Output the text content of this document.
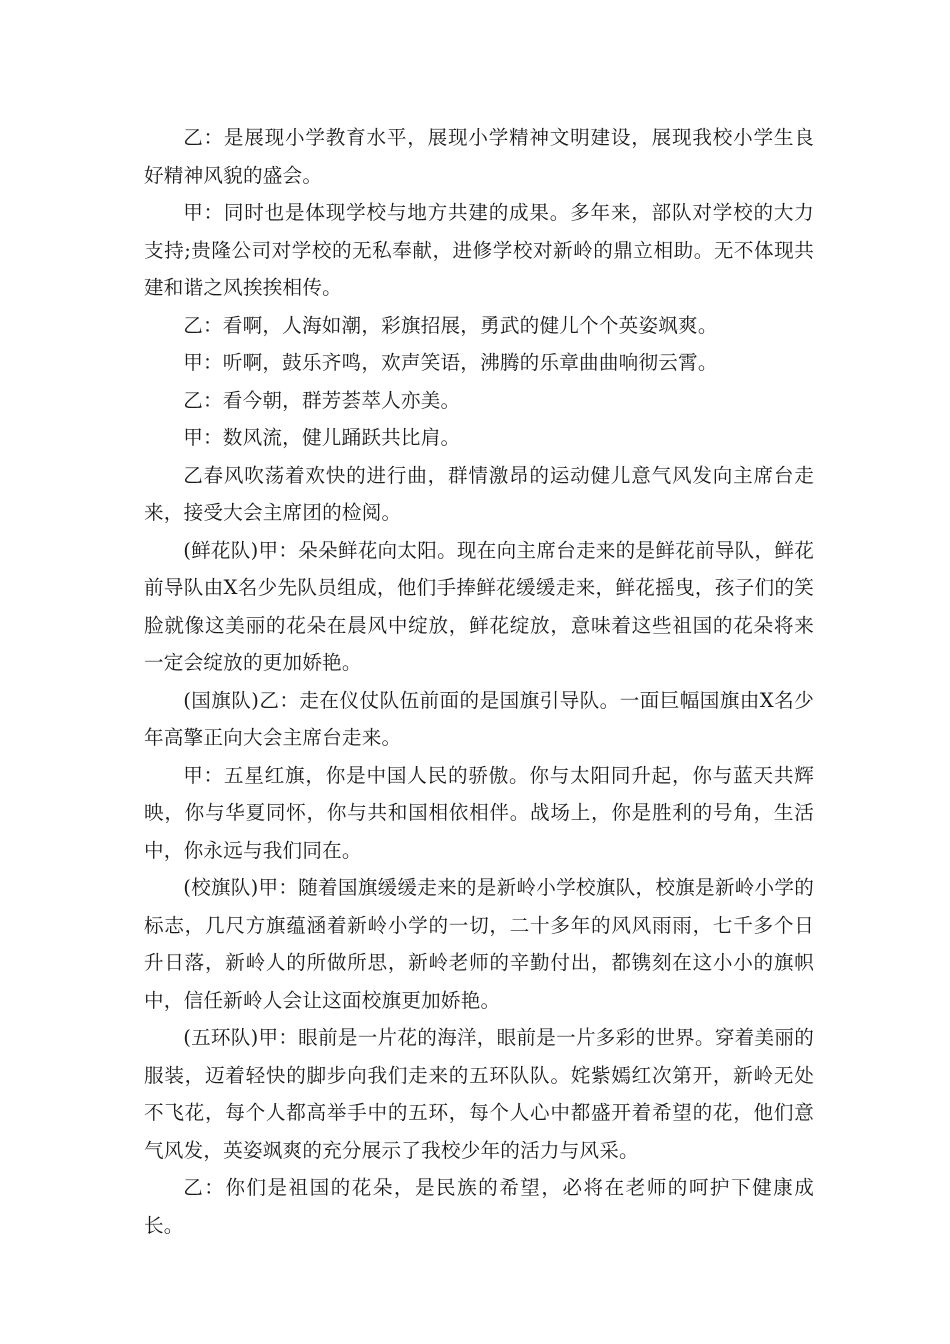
乙：是展现小学教育水平，展现小学精神文明建设，展现我校小学生良好精神风貌的盛会。

甲：同时也是体现学校与地方共建的成果。多年来，部队对学校的大力支持;贵隆公司对学校的无私奉献，进修学校对新岭的鼎立相助。无不体现共建和谐之风挨挨相传。

乙：看啊，人海如潮，彩旗招展，勇武的健儿个个英姿飒爽。

甲：听啊，鼓乐齐鸣，欢声笑语，沸腾的乐章曲曲响彻云霄。

乙：看今朝，群芳荟萃人亦美。

甲：数风流，健儿踊跃共比肩。

乙春风吹荡着欢快的进行曲，群情激昂的运动健儿意气风发向主席台走来，接受大会主席团的检阅。

(鲜花队)甲：朵朵鲜花向太阳。现在向主席台走来的是鲜花前导队，鲜花前导队由X名少先队员组成，他们手捧鲜花缓缓走来，鲜花摇曳，孩子们的笑脸就像这美丽的花朵在晨风中绽放，鲜花绽放，意味着这些祖国的花朵将来一定会绽放的更加娇艳。

(国旗队)乙：走在仪仗队伍前面的是国旗引导队。一面巨幅国旗由X名少年高擎正向大会主席台走来。

甲：五星红旗，你是中国人民的骄傲。你与太阳同升起，你与蓝天共辉映，你与华夏同怀，你与共和国相依相伴。战场上，你是胜利的号角，生活中，你永远与我们同在。

(校旗队)甲：随着国旗缓缓走来的是新岭小学校旗队，校旗是新岭小学的标志，几尺方旗蕴涵着新岭小学的一切，二十多年的风风雨雨，七千多个日升日落，新岭人的所做所思，新岭老师的辛勤付出，都镌刻在这小小的旗帜中，信任新岭人会让这面校旗更加娇艳。

(五环队)甲：眼前是一片花的海洋，眼前是一片多彩的世界。穿着美丽的服装，迈着轻快的脚步向我们走来的五环队队。姹紫嫣红次第开，新岭无处不飞花，每个人都高举手中的五环，每个人心中都盛开着希望的花，他们意气风发，英姿飒爽的充分展示了我校少年的活力与风采。

乙：你们是祖国的花朵，是民族的希望，必将在老师的呵护下健康成长。
